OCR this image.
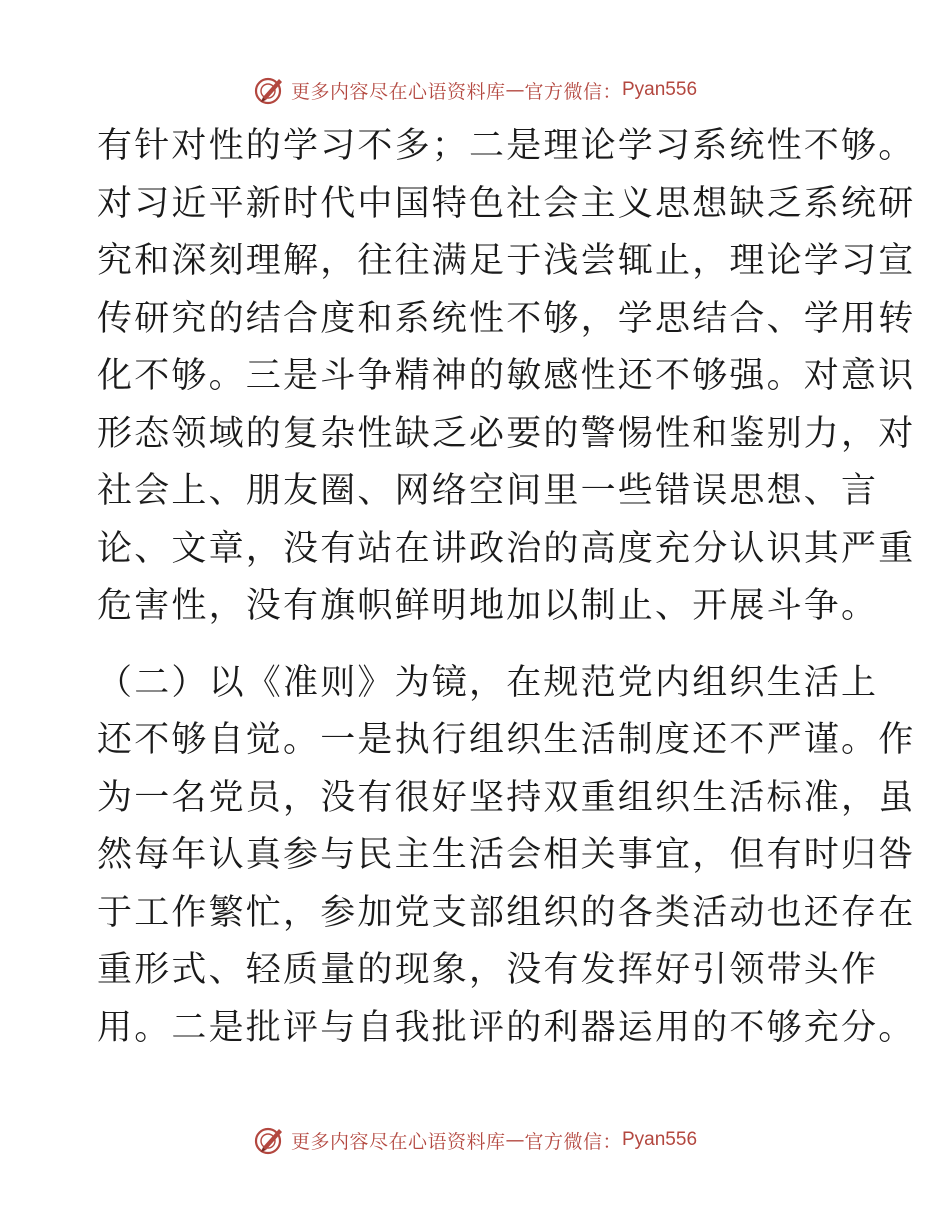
更多内容尽在心语资料库 — 官方微信： Pyan556

有针对性的学习不多；二是理论学习系统性不够。
对习近平新时代中国特色社会主义思想缺乏系统研
究和深刻理解，往往满足于浅尝辄止，理论学习宣
传研究的结合度和系统性不够，学思结合、学用转
化不够。三是斗争精神的敏感性还不够强。对意识
形态领域的复杂性缺乏必要的警惕性和鉴别力，对
社会上、朋友圈、网络空间里一些错误思想、言
论、文章，没有站在讲政治的高度充分认识其严重
危害性，没有旗帜鲜明地加以制止、开展斗争。

（二）以《准则》为镜，在规范党内组织生活上
还不够自觉。一是执行组织生活制度还不严谨。作
为一名党员，没有很好坚持双重组织生活标准，虽
然每年认真参与民主生活会相关事宜，但有时归咎
于工作繁忙，参加党支部组织的各类活动也还存在
重形式、轻质量的现象，没有发挥好引领带头作
用。二是批评与自我批评的利器运用的不够充分。

更多内容尽在心语资料库 — 官方微信： Pyan556
